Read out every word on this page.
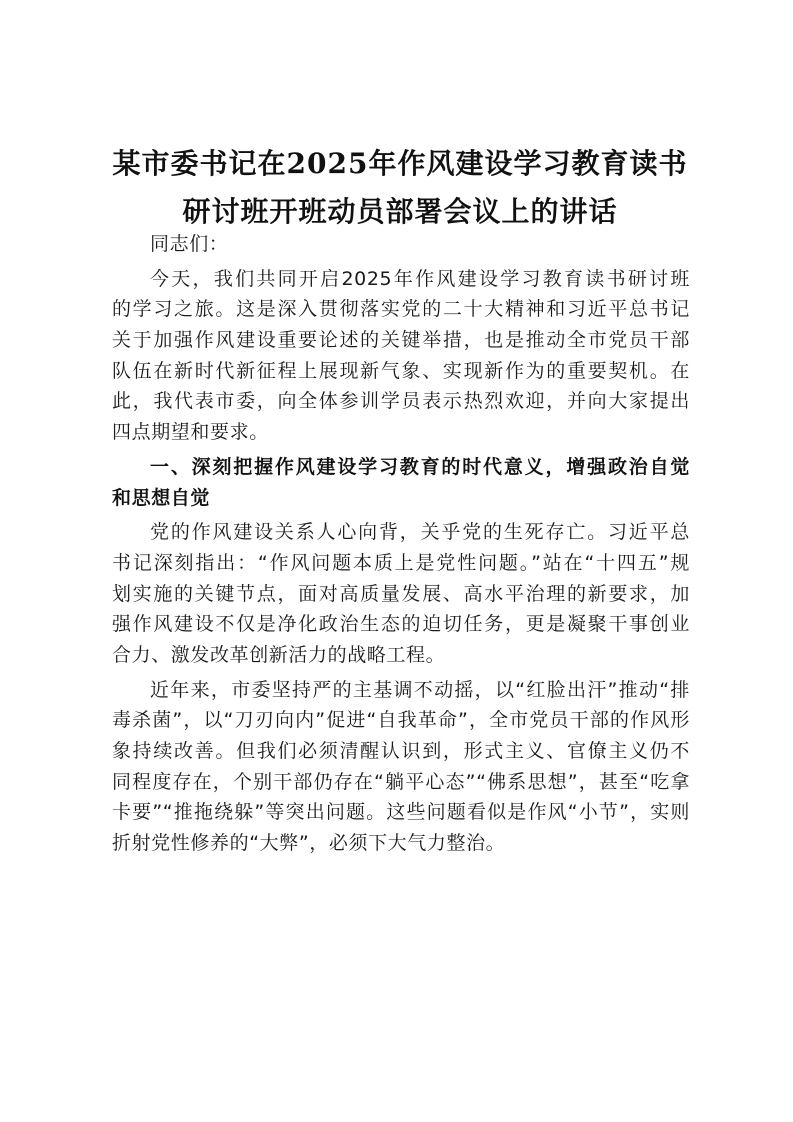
某市委书记在2025年作风建设学习教育读书
研讨班开班动员部署会议上的讲话
同志们：
今天，我们共同开启2025年作风建设学习教育读书研讨班
的学习之旅。这是深入贯彻落实党的二十大精神和习近平总书记
关于加强作风建设重要论述的关键举措，也是推动全市党员干部
队伍在新时代新征程上展现新气象、实现新作为的重要契机。在
此，我代表市委，向全体参训学员表示热烈欢迎，并向大家提出
四点期望和要求。
一、深刻把握作风建设学习教育的时代意义，增强政治自觉
和思想自觉
党的作风建设关系人心向背，关乎党的生死存亡。习近平总
书记深刻指出：“作风问题本质上是党性问题。”站在“十四五”规
划实施的关键节点，面对高质量发展、高水平治理的新要求，加
强作风建设不仅是净化政治生态的迫切任务，更是凝聚干事创业
合力、激发改革创新活力的战略工程。
近年来，市委坚持严的主基调不动摇，以“红脸出汗”推动“排
毒杀菌”，以“刀刃向内”促进“自我革命”，全市党员干部的作风形
象持续改善。但我们必须清醒认识到，形式主义、官僚主义仍不
同程度存在，个别干部仍存在“躺平心态”“佛系思想”，甚至“吃拿
卡要”“推拖绕躲”等突出问题。这些问题看似是作风“小节”，实则
折射党性修养的“大弊”，必须下大气力整治。
